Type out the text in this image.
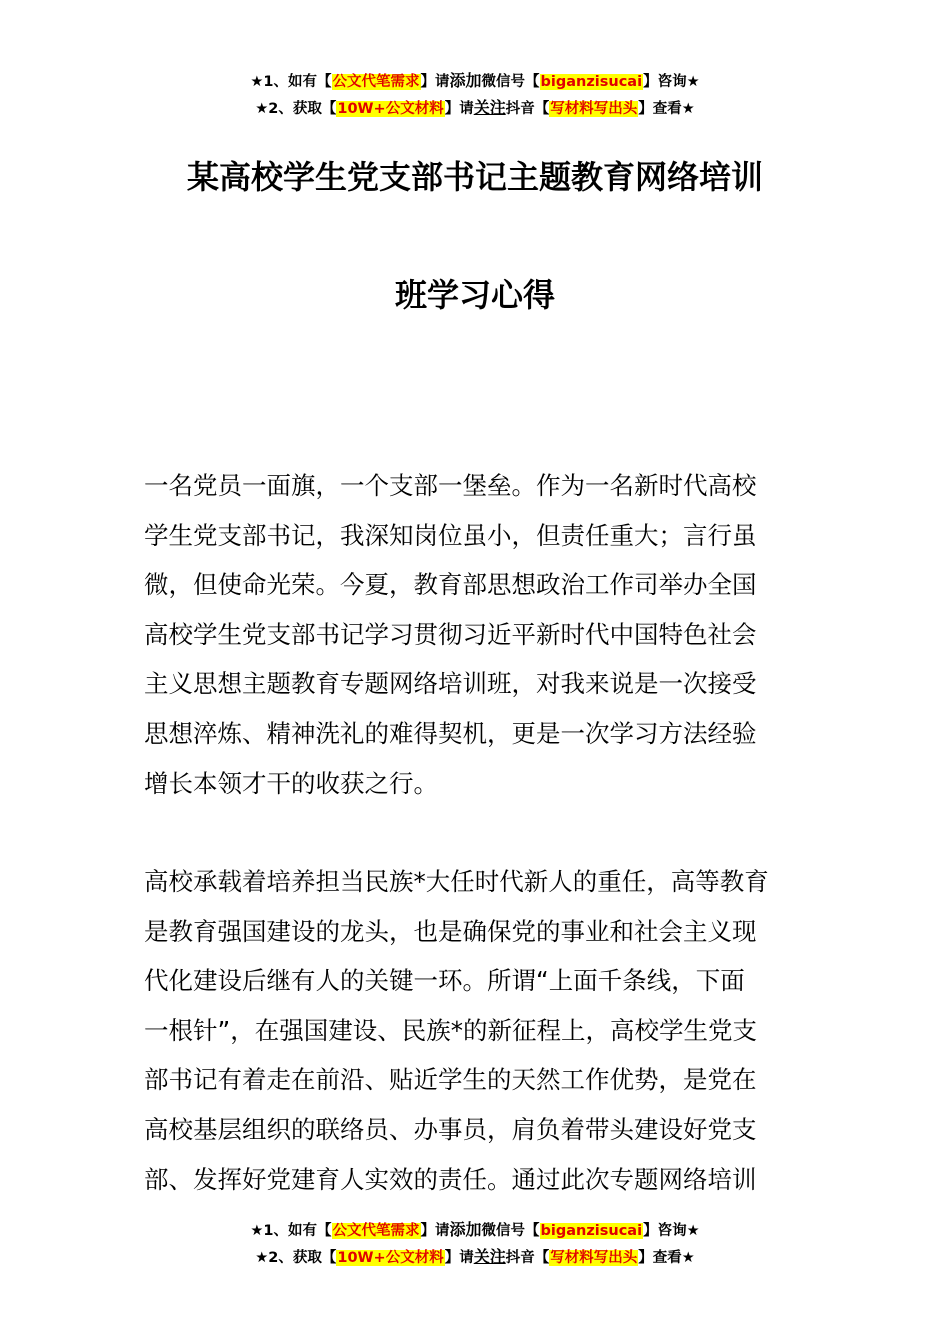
★1、如有【公文代笔需求】请添加微信号【biganzisucai】咨询★
★2、获取【10W+公文材料】请关注抖音【写材料写出头】查看★
某高校学生党支部书记主题教育网络培训
班学习心得
一名党员一面旗，一个支部一堡垒。作为一名新时代高校
学生党支部书记，我深知岗位虽小，但责任重大；言行虽
微，但使命光荣。今夏，教育部思想政治工作司举办全国
高校学生党支部书记学习贯彻习近平新时代中国特色社会
主义思想主题教育专题网络培训班，对我来说是一次接受
思想淬炼、精神洗礼的难得契机，更是一次学习方法经验
增长本领才干的收获之行。
高校承载着培养担当民族*大任时代新人的重任，高等教育
是教育强国建设的龙头，也是确保党的事业和社会主义现
代化建设后继有人的关键一环。所谓“上面千条线，下面
一根针”，在强国建设、民族*的新征程上，高校学生党支
部书记有着走在前沿、贴近学生的天然工作优势，是党在
高校基层组织的联络员、办事员，肩负着带头建设好党支
部、发挥好党建育人实效的责任。通过此次专题网络培训
★1、如有【公文代笔需求】请添加微信号【biganzisucai】咨询★
★2、获取【10W+公文材料】请关注抖音【写材料写出头】查看★
